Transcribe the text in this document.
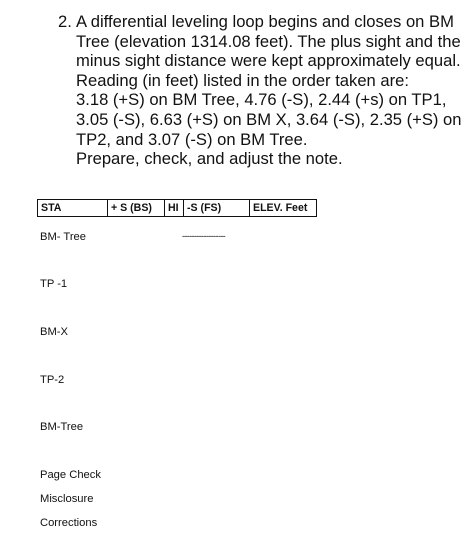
2. A differential leveling loop begins and closes on BM
Tree (elevation 1314.08 feet). The plus sight and the
minus sight distance were kept approximately equal.
Reading (in feet) listed in the order taken are:
3.18 (+S) on BM Tree, 4.76 (-S), 2.44 (+s) on TP1,
3.05 (-S), 6.63 (+S) on BM X, 3.64 (-S), 2.35 (+S) on
TP2, and 3.07 (-S) on BM Tree.
Prepare, check, and adjust the note.
STA	+ S (BS)	HI	-S (FS)	ELEV. Feet
------------------
BM- Tree
TP -1
BM-X
TP-2
BM-Tree
Page Check
Misclosure
Corrections
